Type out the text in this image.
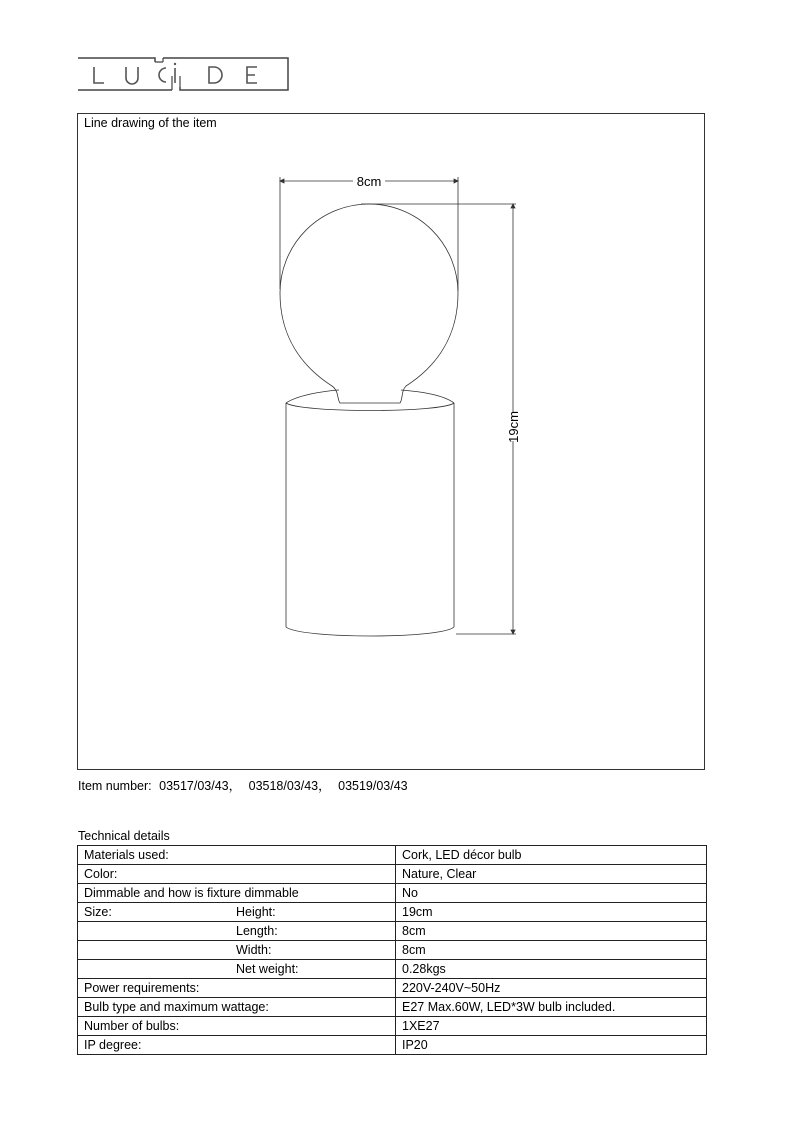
Line drawing of the item
8cm
19cm
Item number: 03517/03/43， 03518/03/43， 03519/03/43
Technical details
Materials used:	Cork, LED décor bulb
Color:	Nature, Clear
Dimmable and how is fixture dimmable	No
Size: Height:	19cm
Length:	8cm
Width:	8cm
Net weight:	0.28kgs
Power requirements:	220V-240V~50Hz
Bulb type and maximum wattage:	E27 Max.60W, LED*3W bulb included.
Number of bulbs:	1XE27
IP degree:	IP20
